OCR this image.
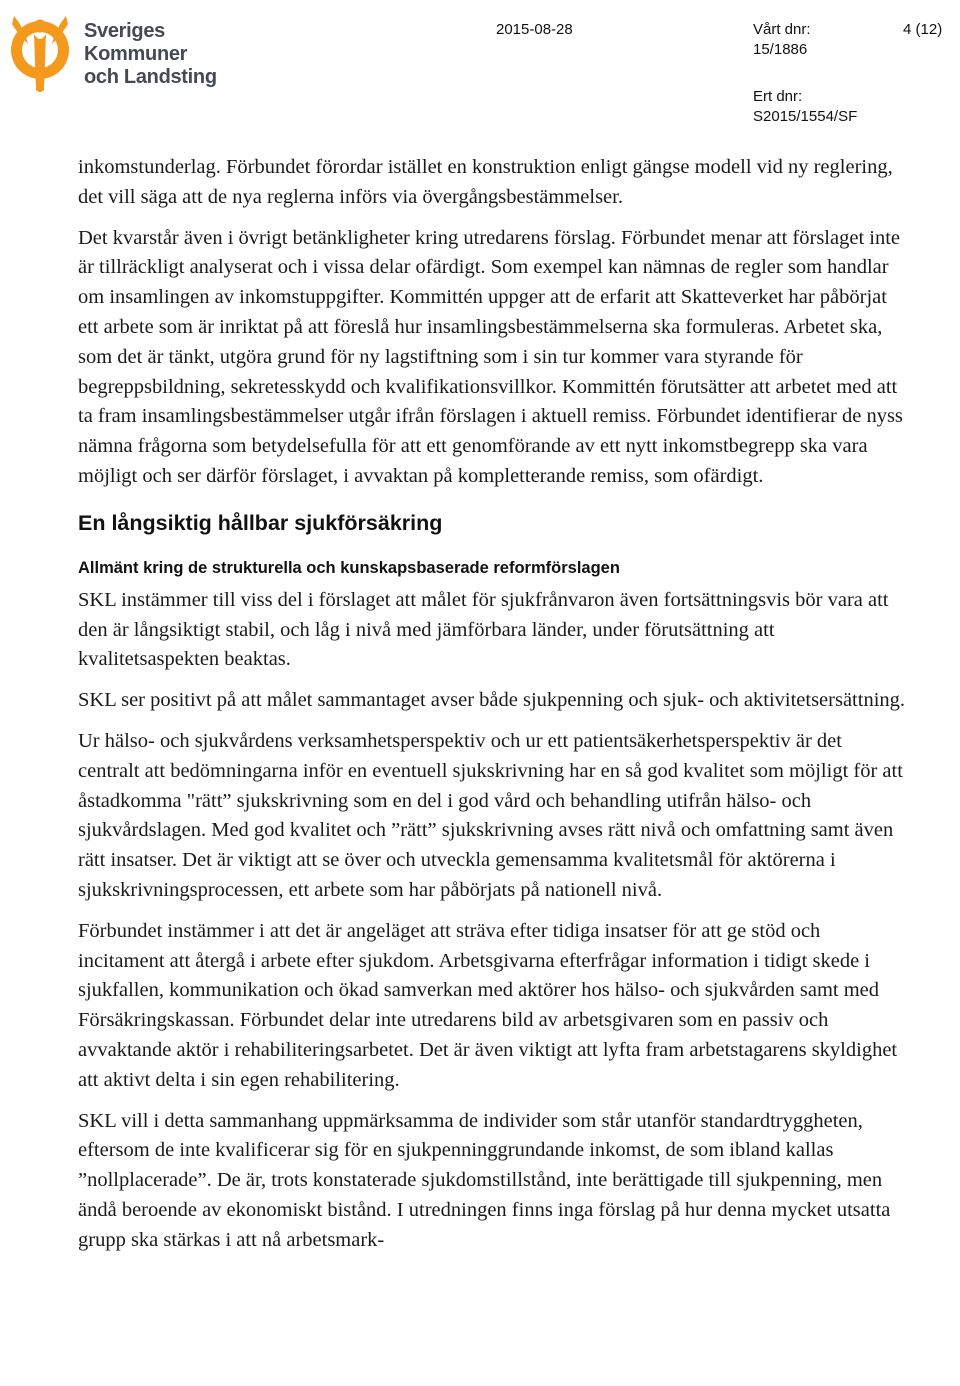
Sveriges
Kommuner
och Landsting
2015-08-28	Vårt dnr:
15/1886
Ert dnr:
S2015/1554/SF
4 (12)

inkomstunderlag. Förbundet förordar istället en konstruktion enligt gängse modell vid ny reglering, det vill säga att de nya reglerna införs via övergångsbestämmelser.

Det kvarstår även i övrigt betänkligheter kring utredarens förslag. Förbundet menar att förslaget inte är tillräckligt analyserat och i vissa delar ofärdigt. Som exempel kan nämnas de regler som handlar om insamlingen av inkomstuppgifter. Kommittén uppger att de erfarit att Skatteverket har påbörjat ett arbete som är inriktat på att föreslå hur insamlingsbestämmelserna ska formuleras. Arbetet ska, som det är tänkt, utgöra grund för ny lagstiftning som i sin tur kommer vara styrande för begreppsbildning, sekretesskydd och kvalifikationsvillkor. Kommittén förutsätter att arbetet med att ta fram insamlingsbestämmelser utgår ifrån förslagen i aktuell remiss. Förbundet identifierar de nyss nämna frågorna som betydelsefulla för att ett genomförande av ett nytt inkomstbegrepp ska vara möjligt och ser därför förslaget, i avvaktan på kompletterande remiss, som ofärdigt.

En långsiktig hållbar sjukförsäkring
Allmänt kring de strukturella och kunskapsbaserade reformförslagen

SKL instämmer till viss del i förslaget att målet för sjukfrånvaron även fortsättningsvis bör vara att den är långsiktigt stabil, och låg i nivå med jämförbara länder, under förutsättning att kvalitetsaspekten beaktas.

SKL ser positivt på att målet sammantaget avser både sjukpenning och sjuk- och aktivitetsersättning.

Ur hälso- och sjukvårdens verksamhetsperspektiv och ur ett patientsäkerhetsperspektiv är det centralt att bedömningarna inför en eventuell sjukskrivning har en så god kvalitet som möjligt för att åstadkomma "rätt” sjukskrivning som en del i god vård och behandling utifrån hälso- och sjukvårdslagen. Med god kvalitet och ”rätt” sjukskrivning avses rätt nivå och omfattning samt även rätt insatser. Det är viktigt att se över och utveckla gemensamma kvalitetsmål för aktörerna i sjukskrivningsprocessen, ett arbete som har påbörjats på nationell nivå.

Förbundet instämmer i att det är angeläget att sträva efter tidiga insatser för att ge stöd och incitament att återgå i arbete efter sjukdom. Arbetsgivarna efterfrågar information i tidigt skede i sjukfallen, kommunikation och ökad samverkan med aktörer hos hälso- och sjukvården samt med Försäkringskassan. Förbundet delar inte utredarens bild av arbetsgivaren som en passiv och avvaktande aktör i rehabiliteringsarbetet. Det är även viktigt att lyfta fram arbetstagarens skyldighet att aktivt delta i sin egen rehabilitering.

SKL vill i detta sammanhang uppmärksamma de individer som står utanför standardtryggheten, eftersom de inte kvalificerar sig för en sjukpenninggrundande inkomst, de som ibland kallas ”nollplacerade”. De är, trots konstaterade sjukdomstillstånd, inte berättigade till sjukpenning, men ändå beroende av ekonomiskt bistånd. I utredningen finns inga förslag på hur denna mycket utsatta grupp ska stärkas i att nå arbetsmark-
